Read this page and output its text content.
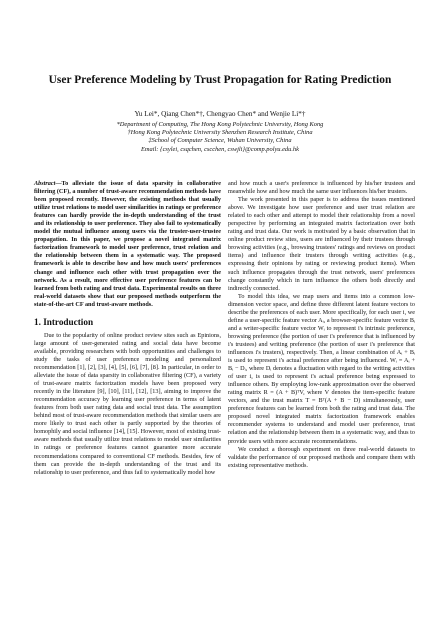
User Preference Modeling by Trust Propagation for Rating Prediction
Yu Lei*, Qiang Chen*†, Chengyao Chen* and Wenjie Li*†
*Department of Computing, The Hong Kong Polytechnic University, Hong Kong
†Hong Kong Polytechnic University Shenzhen Research Institute, China
‡School of Computer Science, Wuhan University, China
Email: {csylei, csqchen, cscchen, cswjli}@comp.polyu.edu.hk

Abstract—To alleviate the issue of data sparsity in collaborative filtering (CF), a number of trust-aware recommendation methods have been proposed recently. However, the existing methods that usually utilize trust relations to model user similarities in ratings or preference features can hardly provide the in-depth understanding of the trust and its relationship to user preference. They also fail to systematically model the mutual influence among users via the truster-user-trustee propagation. In this paper, we propose a novel integrated matrix factorization framework to model user preference, trust relation and the relationship between them in a systematic way. The proposed framework is able to describe how and how much users' preferences change and influence each other with trust propagation over the network. As a result, more effective user preference features can be learned from both rating and trust data. Experimental results on three real-world datasets show that our proposed methods outperform the state-of-the-art CF and trust-aware methods.

1. Introduction

Due to the popularity of online product review sites such as Epinions, large amount of user-generated rating and social data have become available, providing researchers with both opportunities and challenges to study the tasks of user preference modeling and personalized recommendation [1], [2], [3], [4], [5], [6], [7], [8]. In particular, in order to alleviate the issue of data sparsity in collaborative filtering (CF), a variety of trust-aware matrix factorization models have been proposed very recently in the literature [9], [10], [11], [12], [13], aiming to improve the recommendation accuracy by learning user preference in terms of latent features from both user rating data and social trust data. The assumption behind most of trust-aware recommendation methods that similar users are more likely to trust each other is partly supported by the theories of homophily and social influence [14], [15]. However, most of existing trust-aware methods that usually utilize trust relations to model user similarities in ratings or preference features cannot guarantee more accurate recommendations compared to conventional CF methods. Besides, few of them can provide the in-depth understanding of the trust and its relationship to user preference, and thus fail to systematically model how

and how much a user's preference is influenced by his/her trustees and meanwhile how and how much the same user influences his/her trusters.

The work presented in this paper is to address the issues mentioned above. We investigate how user preference and user trust relation are related to each other and attempt to model their relationship from a novel perspective by performing an integrated matrix factorization over both rating and trust data. Our work is motivated by a basic observation that in online product review sites, users are influenced by their trustees through browsing activities (e.g., browsing trustees' ratings and reviews on product items) and influence their trusters through writing activities (e.g., expressing their opinions by rating or reviewing product items). When such influence propagates through the trust network, users' preferences change constantly which in turn influence the others both directly and indirectly connected.

To model this idea, we map users and items into a common low-dimension vector space, and define three different latent feature vectors to describe the preferences of each user. More specifically, for each user i, we define a user-specific feature vector Aᵢ, a browser-specific feature vector Bᵢ and a writer-specific feature vector Wᵢ to represent i's intrinsic preference, browsing preference (the portion of user i's preference that is influenced by i's trustees) and writing preference (the portion of user i's preference that influences i's trusters), respectively. Then, a linear combination of Aᵢ + Bᵢ is used to represent i's actual preference after being influenced. Wᵢ = Aᵢ + Bᵢ − Dᵢ, where Dᵢ denotes a fluctuation with regard to the writing activities of user i, is used to represent i's actual preference being expressed to influence others. By employing low-rank approximation over the observed rating matrix R = (A + B)ᵀV, where V denotes the item-specific feature vectors, and the trust matrix T = Bᵀ(A + B − D) simultaneously, user preference features can be learned from both the rating and trust data. The proposed novel integrated matrix factorization framework enables recommender systems to understand and model user preference, trust relation and the relationship between them in a systematic way, and thus to provide users with more accurate recommendations.

We conduct a thorough experiment on three real-world datasets to validate the performance of our proposed methods and compare them with existing representative methods.
